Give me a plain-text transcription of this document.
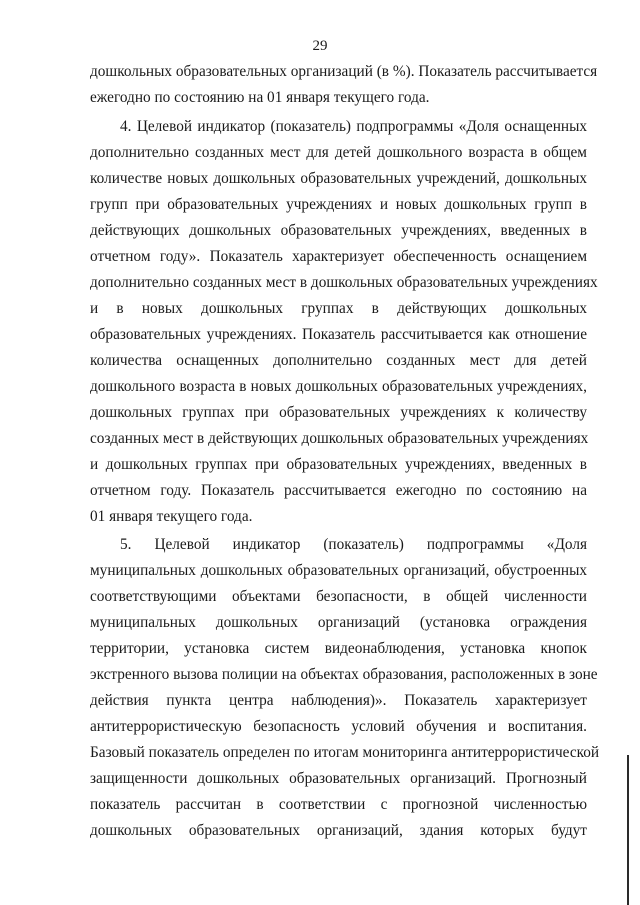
29
дошкольных образовательных организаций (в %). Показатель рассчитывается
ежегодно по состоянию на 01 января текущего года.
4. Целевой индикатор (показатель) подпрограммы «Доля оснащенных
дополнительно созданных мест для детей дошкольного возраста в общем
количестве новых дошкольных образовательных учреждений, дошкольных
групп при образовательных учреждениях и новых дошкольных групп в
действующих дошкольных образовательных учреждениях, введенных в
отчетном году». Показатель характеризует обеспеченность оснащением
дополнительно созданных мест в дошкольных образовательных учреждениях
и в новых дошкольных группах в действующих дошкольных
образовательных учреждениях. Показатель рассчитывается как отношение
количества оснащенных дополнительно созданных мест для детей
дошкольного возраста в новых дошкольных образовательных учреждениях,
дошкольных группах при образовательных учреждениях к количеству
созданных мест в действующих дошкольных образовательных учреждениях
и дошкольных группах при образовательных учреждениях, введенных в
отчетном году. Показатель рассчитывается ежегодно по состоянию на
01 января текущего года.
5. Целевой индикатор (показатель) подпрограммы «Доля
муниципальных дошкольных образовательных организаций, обустроенных
соответствующими объектами безопасности, в общей численности
муниципальных дошкольных организаций (установка ограждения
территории, установка систем видеонаблюдения, установка кнопок
экстренного вызова полиции на объектах образования, расположенных в зоне
действия пункта центра наблюдения)». Показатель характеризует
антитеррористическую безопасность условий обучения и воспитания.
Базовый показатель определен по итогам мониторинга антитеррористической
защищенности дошкольных образовательных организаций. Прогнозный
показатель рассчитан в соответствии с прогнозной численностью
дошкольных образовательных организаций, здания которых будут
